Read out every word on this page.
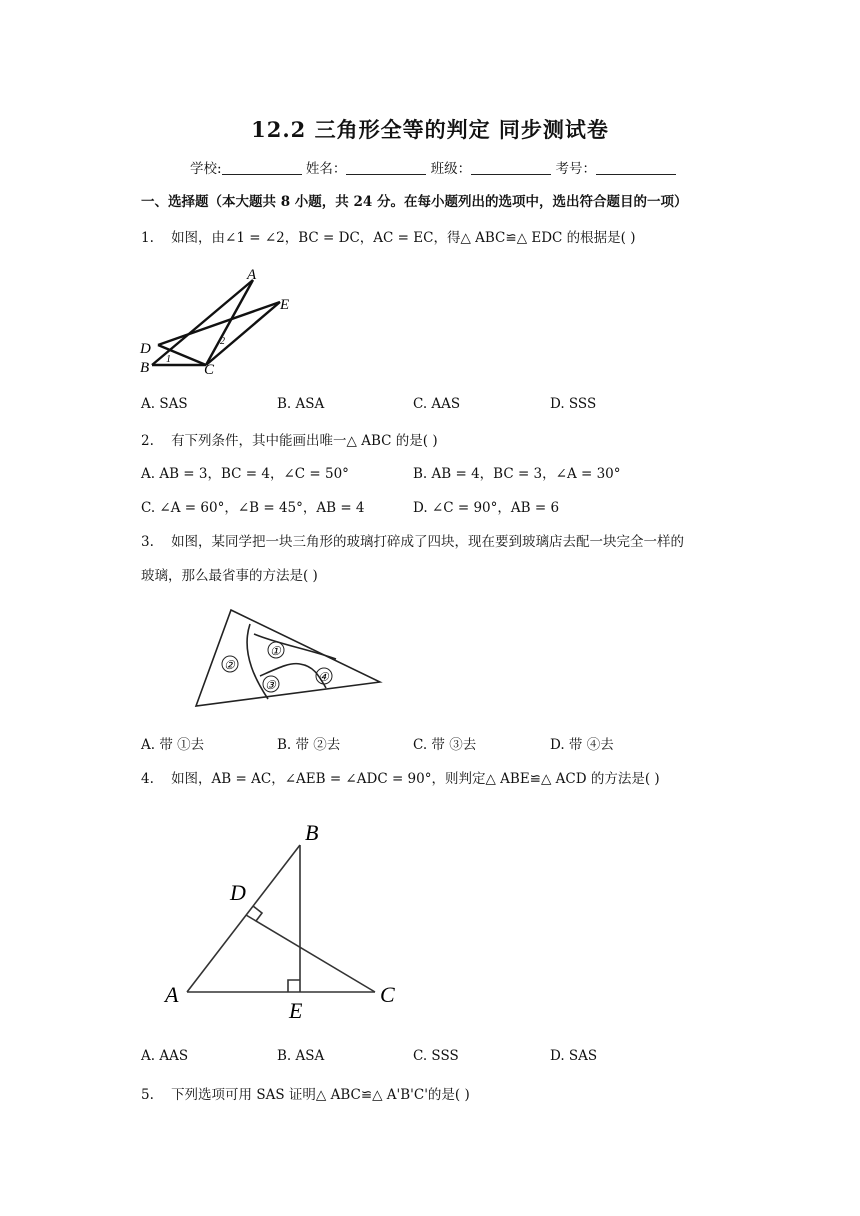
12.2 三角形全等的判定 同步测试卷
学校:	姓名：	班级：	考号：
一、选择题（本大题共 8 小题，共 24 分。在每小题列出的选项中，选出符合题目的一项）
1. 如图，由∠1 = ∠2，BC = DC，AC = EC，得△ ABC≌△ EDC 的根据是( )
A
E
D
B	C
1
2
A. SAS	B. ASA	C. AAS	D. SSS
2. 有下列条件，其中能画出唯一△ ABC 的是( )
A. AB = 3，BC = 4，∠C = 50°	B. AB = 4，BC = 3，∠A = 30°
C. ∠A = 60°，∠B = 45°，AB = 4	D. ∠C = 90°，AB = 6
3. 如图，某同学把一块三角形的玻璃打碎成了四块，现在要到玻璃店去配一块完全一样的
玻璃，那么最省事的方法是( )
②
A. 带 ①去	B. 带 ②去	C. 带 ③去	D. 带 ④去
4. 如图，AB = AC，∠AEB = ∠ADC = 90°，则判定△ ABE≌△ ACD 的方法是( )
B
D
A
E
C
A. AAS	B. ASA	C. SSS	D. SAS
5. 下列选项可用 SAS 证明△ ABC≌△ A'B'C'的是( )
①
③
④
